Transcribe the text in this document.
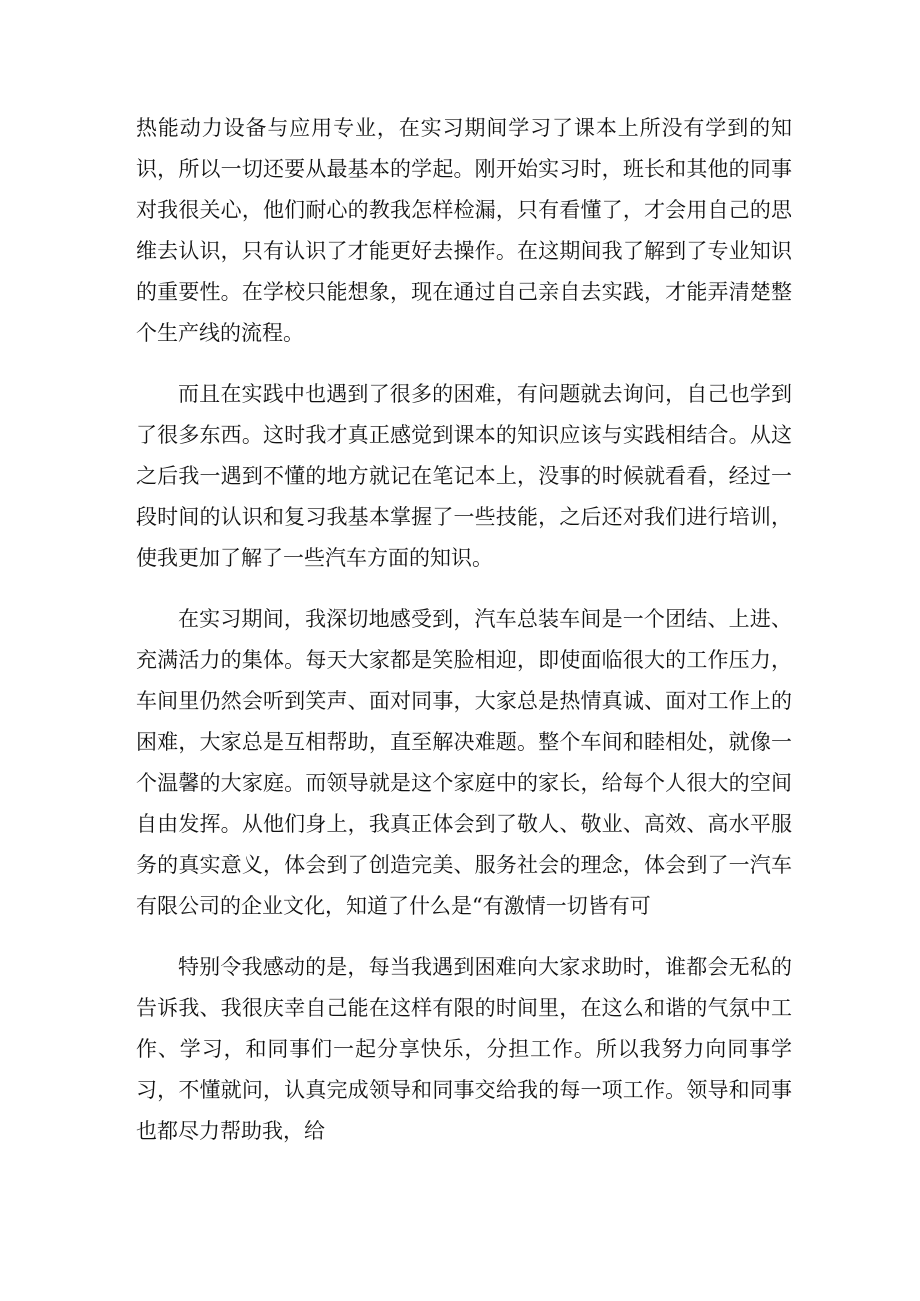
热能动力设备与应用专业，在实习期间学习了课本上所没有学到的知识，所以一切还要从最基本的学起。刚开始实习时，班长和其他的同事对我很关心，他们耐心的教我怎样检漏，只有看懂了，才会用自己的思维去认识，只有认识了才能更好去操作。在这期间我了解到了专业知识的重要性。在学校只能想象，现在通过自己亲自去实践，才能弄清楚整个生产线的流程。

而且在实践中也遇到了很多的困难，有问题就去询问，自己也学到了很多东西。这时我才真正感觉到课本的知识应该与实践相结合。从这之后我一遇到不懂的地方就记在笔记本上，没事的时候就看看，经过一段时间的认识和复习我基本掌握了一些技能，之后还对我们进行培训，使我更加了解了一些汽车方面的知识。

在实习期间，我深切地感受到，汽车总装车间是一个团结、上进、充满活力的集体。每天大家都是笑脸相迎，即使面临很大的工作压力，车间里仍然会听到笑声、面对同事，大家总是热情真诚、面对工作上的困难，大家总是互相帮助，直至解决难题。整个车间和睦相处，就像一个温馨的大家庭。而领导就是这个家庭中的家长，给每个人很大的空间自由发挥。从他们身上，我真正体会到了敬人、敬业、高效、高水平服务的真实意义，体会到了创造完美、服务社会的理念，体会到了一汽车有限公司的企业文化，知道了什么是“有激情一切皆有可

特别令我感动的是，每当我遇到困难向大家求助时，谁都会无私的告诉我、我很庆幸自己能在这样有限的时间里，在这么和谐的气氛中工作、学习，和同事们一起分享快乐，分担工作。所以我努力向同事学习，不懂就问，认真完成领导和同事交给我的每一项工作。领导和同事也都尽力帮助我，给
